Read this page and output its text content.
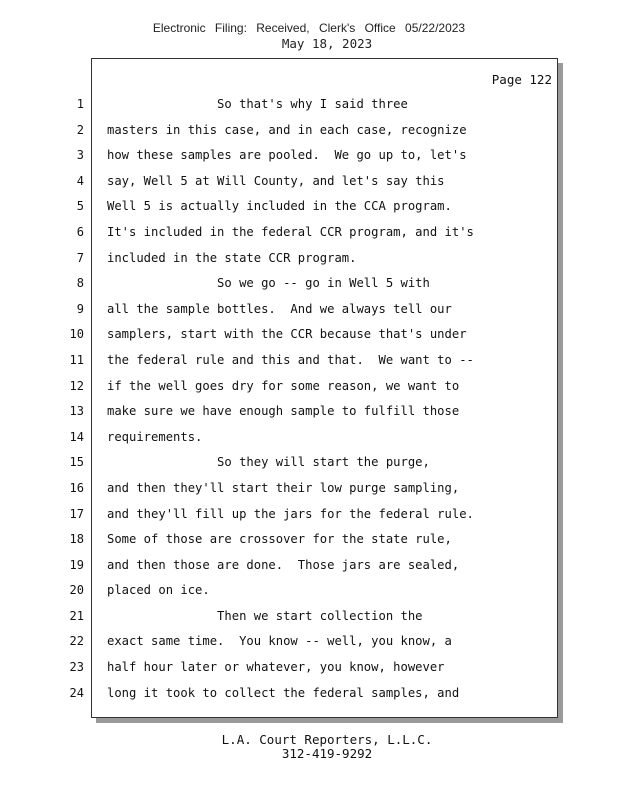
Electronic Filing: Received, Clerk's Office 05/22/2023
May 18, 2023
Page 122
1
2
3
4
5
6
7
8
9
10
11
12
13
14
15
16
17
18
19
20
21
22
23
24
So that's why I said three
masters in this case, and in each case, recognize
how these samples are pooled.  We go up to, let's
say, Well 5 at Will County, and let's say this
Well 5 is actually included in the CCA program.
It's included in the federal CCR program, and it's
included in the state CCR program.
So we go -- go in Well 5 with
all the sample bottles.  And we always tell our
samplers, start with the CCR because that's under
the federal rule and this and that.  We want to --
if the well goes dry for some reason, we want to
make sure we have enough sample to fulfill those
requirements.
So they will start the purge,
and then they'll start their low purge sampling,
and they'll fill up the jars for the federal rule.
Some of those are crossover for the state rule,
and then those are done.  Those jars are sealed,
placed on ice.
Then we start collection the
exact same time.  You know -- well, you know, a
half hour later or whatever, you know, however
long it took to collect the federal samples, and
L.A. Court Reporters, L.L.C.
312-419-9292
